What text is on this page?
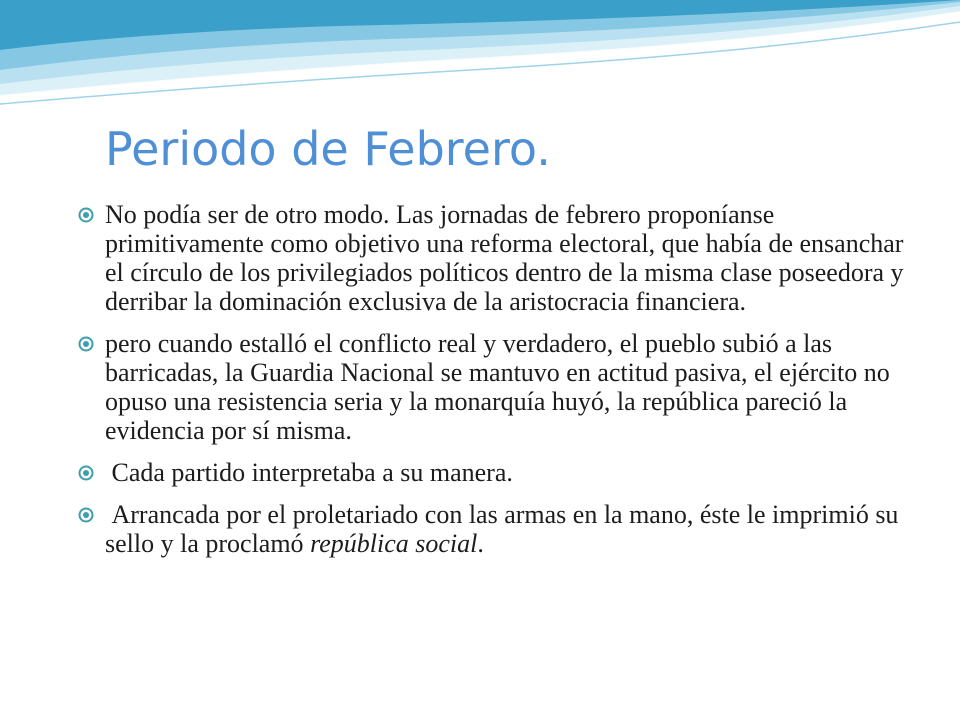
Periodo de Febrero.
No podía ser de otro modo. Las jornadas de febrero proponíanse primitivamente como objetivo una reforma electoral, que había de ensanchar el círculo de los privilegiados políticos dentro de la misma clase poseedora y derribar la dominación exclusiva de la aristocracia financiera.
pero cuando estalló el conflicto real y verdadero, el pueblo subió a las barricadas, la Guardia Nacional se mantuvo en actitud pasiva, el ejército no opuso una resistencia seria y la monarquía huyó, la república pareció la evidencia por sí misma.
Cada partido interpretaba a su manera.
Arrancada por el proletariado con las armas en la mano, éste le imprimió su sello y la proclamó república social.
